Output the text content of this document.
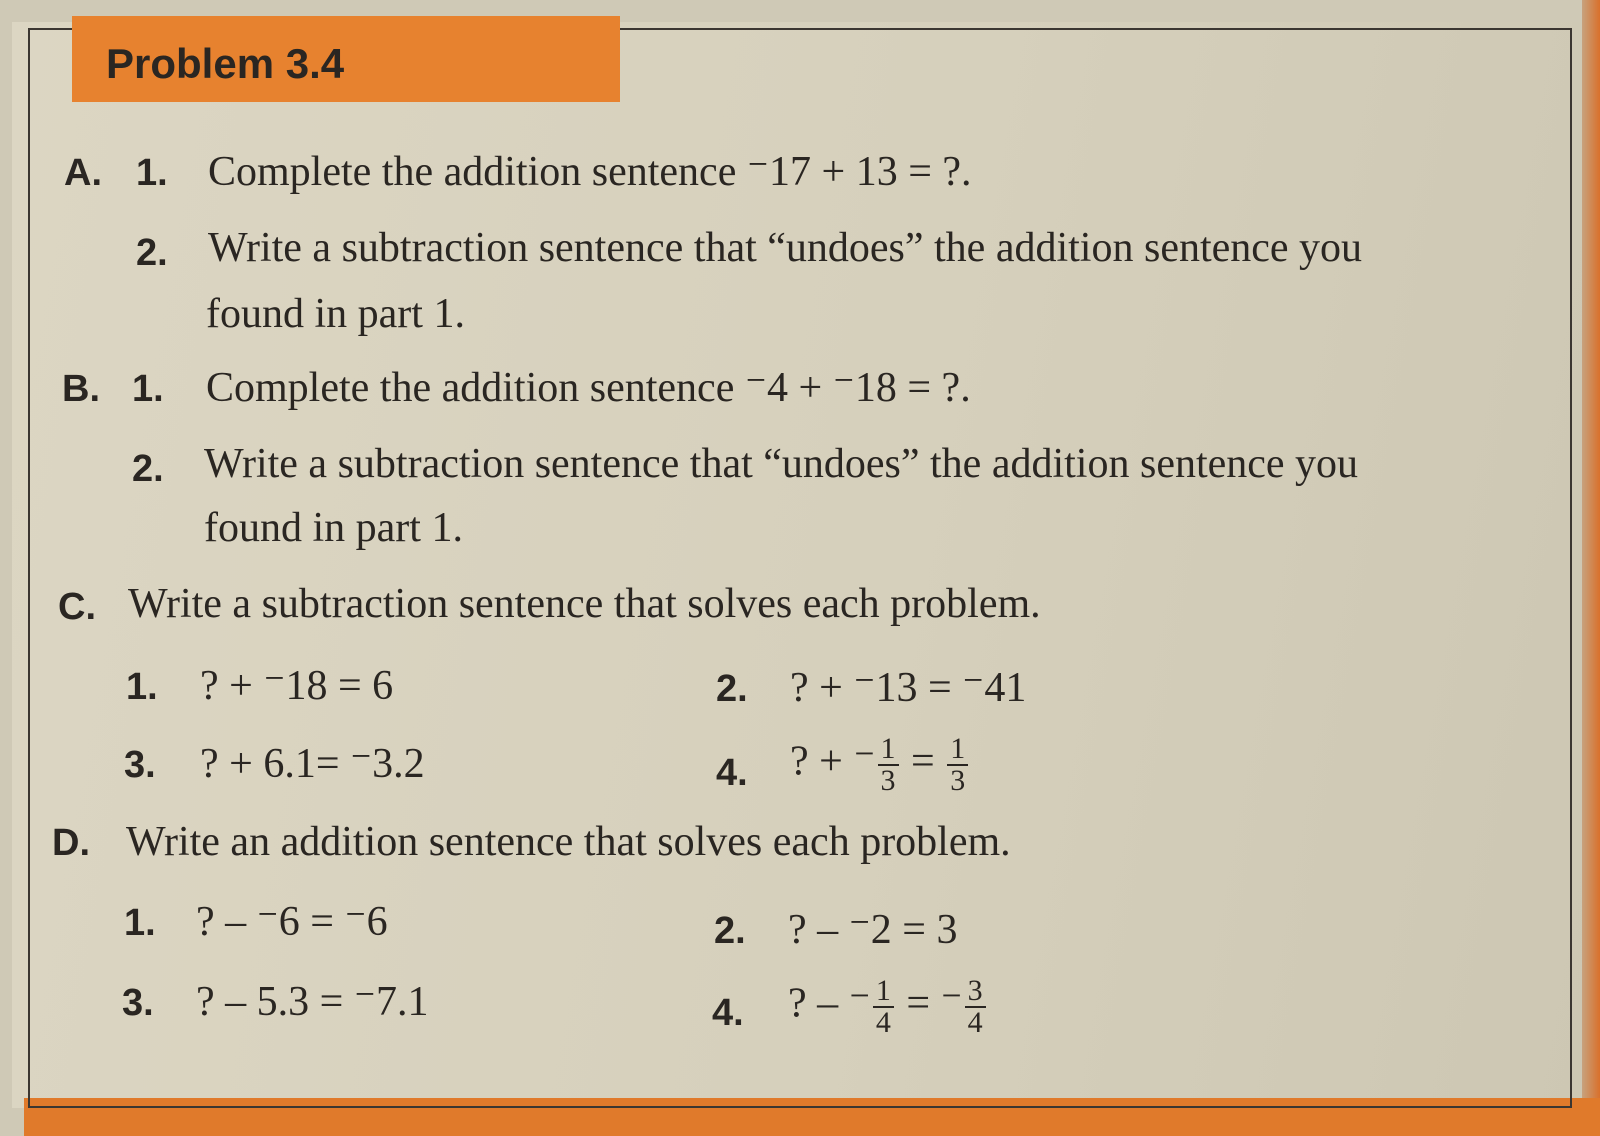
Problem 3.4
A. 1. Complete the addition sentence ⁻17 + 13 = ?.
2. Write a subtraction sentence that “undoes” the addition sentence you
found in part 1.
B. 1. Complete the addition sentence ⁻4 + ⁻18 = ?.
2. Write a subtraction sentence that “undoes” the addition sentence you
found in part 1.
C. Write a subtraction sentence that solves each problem.
1. ? + ⁻18 = 6	2. ? + ⁻13 = ⁻41
3. ? + 6.1= ⁻3.2	4. ? + ⁻ $\frac{1}{3} = \frac{1}{3}$
D. Write an addition sentence that solves each problem.
1. ? – ⁻6 = ⁻6	2. ? – ⁻2 = 3
3. ? – 5.3 = ⁻7.1	4. ? – ⁻ $\frac{1}{4}$ = ⁻ $\frac{3}{4}$
